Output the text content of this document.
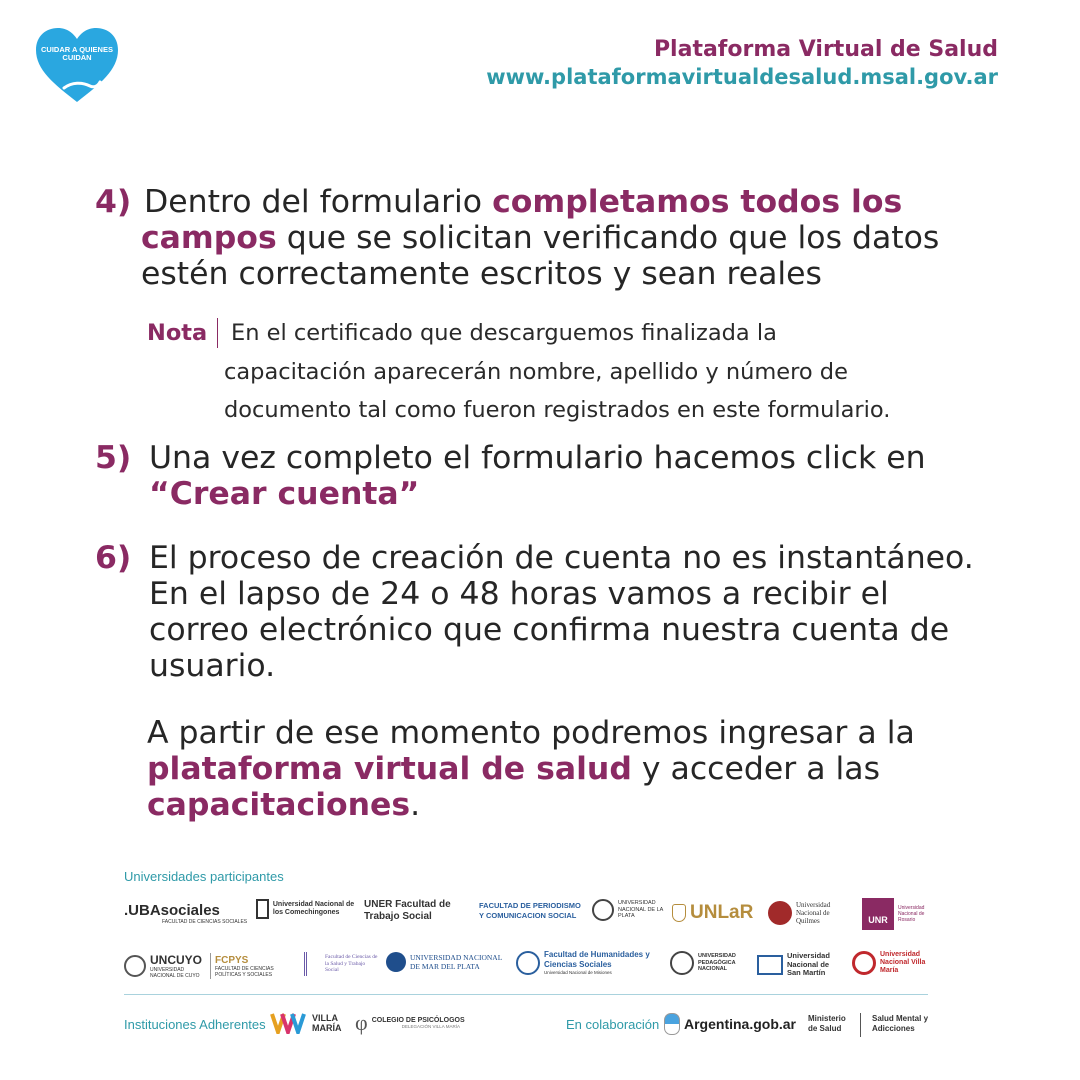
CUIDAR A QUIENES CUIDAN	Plataforma Virtual de Salud
www.plataformavirtualdesalud.msal.gov.ar
4) Dentro del formulario completamos todos los
campos que se solicitan verificando que los datos
estén correctamente escritos y sean reales
Nota En el certificado que descarguemos finalizada la
capacitación aparecerán nombre, apellido y número de
documento tal como fueron registrados en este formulario.
5) Una vez completo el formulario hacemos click en
“Crear cuenta”
6) El proceso de creación de cuenta no es instantáneo.
En el lapso de 24 o 48 horas vamos a recibir el
correo electrónico que confirma nuestra cuenta de
usuario.
A partir de ese momento podremos ingresar a la
plataforma virtual de salud y acceder a las
capacitaciones.
Universidades participantes
.UBAsociales
FACULTAD DE CIENCIAS SOCIALES
Universidad Nacional de los Comechingones
UNER Facultad de Trabajo Social
FACULTAD DE PERIODISMO Y COMUNICACION SOCIAL
UNIVERSIDAD NACIONAL DE LA PLATA	UNLaR	Universidad Nacional de Quilmes	UNR
Universidad Nacional de Rosario
UNCUYO
UNIVERSIDAD NACIONAL DE CUYO
FCPYS
FACULTAD DE CIENCIAS POLÍTICAS Y SOCIALES
Facultad de Ciencias de la Salud y Trabajo Social
UNIVERSIDAD NACIONAL DE MAR DEL PLATA
Facultad de Humanidades y Ciencias Sociales
Universidad Nacional de Misiones
UNIVERSIDAD PEDAGÓGICA NACIONAL
Universidad Nacional de San Martín
Universidad Nacional Villa María
Instituciones Adherentes	VILLA MARÍA φ COLEGIO DE PSICÓLOGOS
DELEGACIÓN VILLA MARÍA	En colaboración Argentina.gob.ar Ministerio de Salud
Salud Mental y Adicciones
